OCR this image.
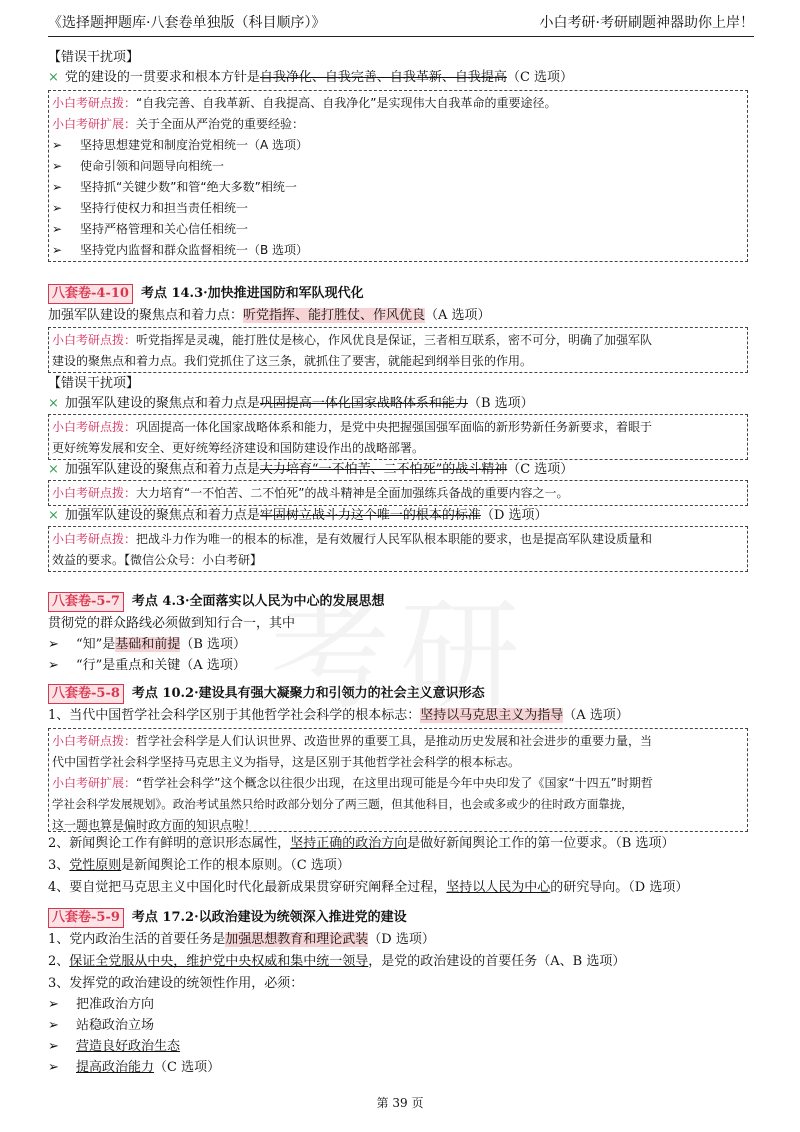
《选择题押题库·八套卷单独版（科目顺序）》	小白考研·考研刷题神器助你上岸！
【错误干扰项】
× 党的建设的一贯要求和根本方针是自我净化、自我完善、自我革新、自我提高（C 选项）
小白考研点拨：“自我完善、自我革新、自我提高、自我净化”是实现伟大自我革命的重要途径。
小白考研扩展：关于全面从严治党的重要经验：
➢ 坚持思想建党和制度治党相统一（A 选项）
➢ 使命引领和问题导向相统一
➢ 坚持抓“关键少数”和管“绝大多数”相统一
➢ 坚持行使权力和担当责任相统一
➢ 坚持严格管理和关心信任相统一
➢ 坚持党内监督和群众监督相统一（B 选项）
八套卷-4-10 考点 14.3·加快推进国防和军队现代化
加强军队建设的聚焦点和着力点：听党指挥、能打胜仗、作风优良（A 选项）
小白考研点拨：听党指挥是灵魂，能打胜仗是核心，作风优良是保证，三者相互联系，密不可分，明确了加强军队
建设的聚焦点和着力点。我们党抓住了这三条，就抓住了要害，就能起到纲举目张的作用。
【错误干扰项】
× 加强军队建设的聚焦点和着力点是巩固提高一体化国家战略体系和能力（B 选项）
小白考研点拨：巩固提高一体化国家战略体系和能力，是党中央把握强国强军面临的新形势新任务新要求，着眼于
更好统筹发展和安全、更好统筹经济建设和国防建设作出的战略部署。
× 加强军队建设的聚焦点和着力点是大力培育“一不怕苦、二不怕死”的战斗精神（C 选项）
小白考研点拨：大力培育“一不怕苦、二不怕死”的战斗精神是全面加强练兵备战的重要内容之一。
× 加强军队建设的聚焦点和着力点是牢固树立战斗力这个唯一的根本的标准（D 选项）
小白考研点拨：把战斗力作为唯一的根本的标准，是有效履行人民军队根本职能的要求，也是提高军队建设质量和
效益的要求。【微信公众号：小白考研】
八套卷-5-7 考点 4.3·全面落实以人民为中心的发展思想
贯彻党的群众路线必须做到知行合一，其中
➢ “知”是基础和前提（B 选项）
➢ “行”是重点和关键（A 选项）
八套卷-5-8 考点 10.2·建设具有强大凝聚力和引领力的社会主义意识形态
1、当代中国哲学社会科学区别于其他哲学社会科学的根本标志：坚持以马克思主义为指导（A 选项）
小白考研点拨：哲学社会科学是人们认识世界、改造世界的重要工具，是推动历史发展和社会进步的重要力量，当
代中国哲学社会科学坚持马克思主义为指导，这是区别于其他哲学社会科学的根本标志。
小白考研扩展：“哲学社会科学”这个概念以往很少出现，在这里出现可能是今年中央印发了《国家“十四五”时期哲
学社会科学发展规划》。政治考试虽然只给时政部分划分了两三题，但其他科目，也会或多或少的往时政方面靠拢，
这一题也算是偏时政方面的知识点啦！
2、新闻舆论工作有鲜明的意识形态属性，坚持正确的政治方向是做好新闻舆论工作的第一位要求。（B 选项）
3、党性原则是新闻舆论工作的根本原则。（C 选项）
4、要自觉把马克思主义中国化时代化最新成果贯穿研究阐释全过程，坚持以人民为中心的研究导向。（D 选项）
八套卷-5-9 考点 17.2·以政治建设为统领深入推进党的建设
1、党内政治生活的首要任务是加强思想教育和理论武装（D 选项）
2、保证全党服从中央，维护党中央权威和集中统一领导，是党的政治建设的首要任务（A、B 选项）
3、发挥党的政治建设的统领性作用，必须：
➢ 把准政治方向
➢ 站稳政治立场
➢ 营造良好政治生态
➢ 提高政治能力（C 选项）
第 39 页
